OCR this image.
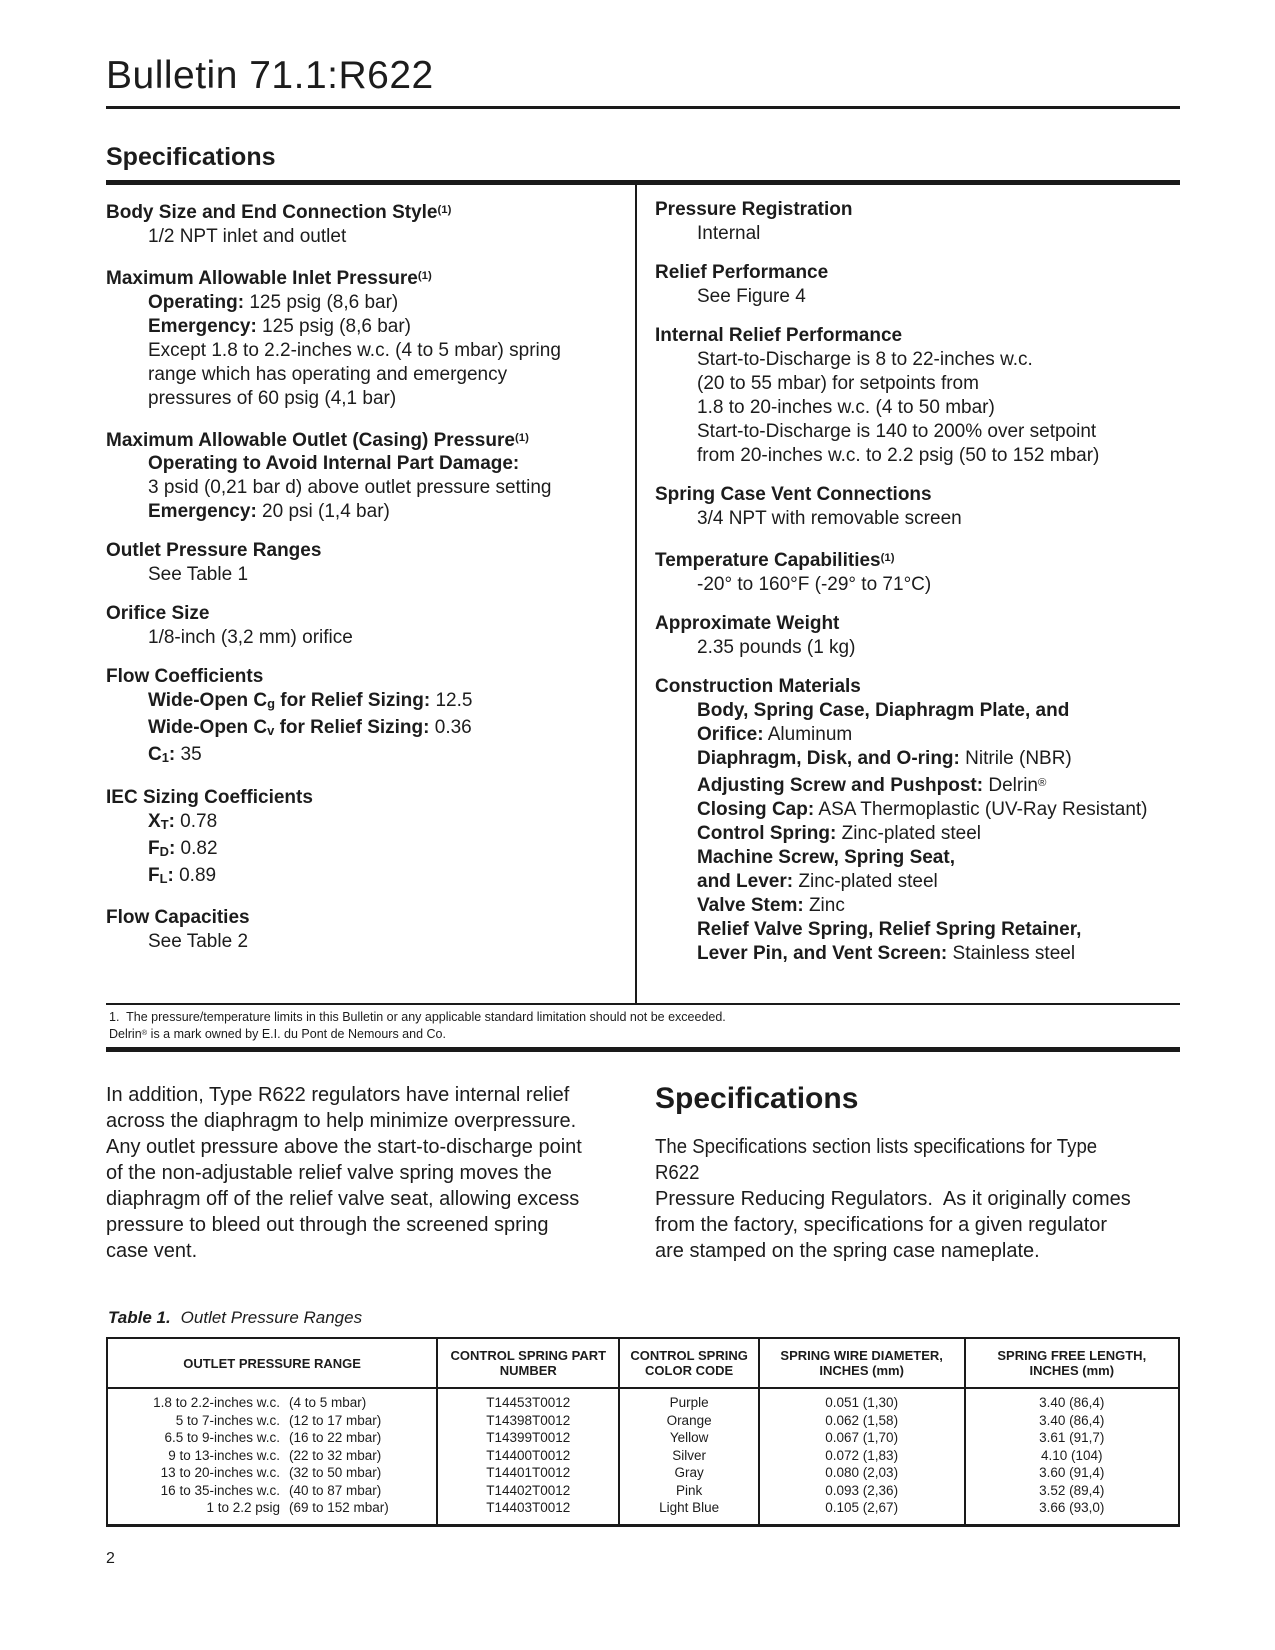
Bulletin 71.1:R622
Specifications
Body Size and End Connection Style$^{(1)}$
1/2 NPT inlet and outlet
Maximum Allowable Inlet Pressure$^{(1)}$
Operating: 125 psig (8,6 bar)
Emergency: 125 psig (8,6 bar)
Except 1.8 to 2.2-inches w.c. (4 to 5 mbar) spring
range which has operating and emergency
pressures of 60 psig (4,1 bar)
Maximum Allowable Outlet (Casing) Pressure$^{(1)}$
Operating to Avoid Internal Part Damage:
3 psid (0,21 bar d) above outlet pressure setting
Emergency: 20 psi (1,4 bar)
Outlet Pressure Ranges
See Table 1
Orifice Size
1/8-inch (3,2 mm) orifice
Flow Coefficients
Wide-Open Cg for Relief Sizing: 12.5
Wide-Open Cv for Relief Sizing: 0.36
C1: 35
IEC Sizing Coefficients
XT: 0.78
FD: 0.82
FL: 0.89
Flow Capacities
See Table 2
Pressure Registration
Internal
Relief Performance
See Figure 4
Internal Relief Performance
Start-to-Discharge is 8 to 22-inches w.c.
(20 to 55 mbar) for setpoints from
1.8 to 20-inches w.c. (4 to 50 mbar)
Start-to-Discharge is 140 to 200% over setpoint
from 20-inches w.c. to 2.2 psig (50 to 152 mbar)
Spring Case Vent Connections
3/4 NPT with removable screen
Temperature Capabilities$^{(1)}$
-20° to 160°F (-29° to 71°C)
Approximate Weight
2.35 pounds (1 kg)
Construction Materials
Body, Spring Case, Diaphragm Plate, and
Orifice: Aluminum
Diaphragm, Disk, and O-ring: Nitrile (NBR)
Adjusting Screw and Pushpost: Delrin®
Closing Cap: ASA Thermoplastic (UV-Ray Resistant)
Control Spring: Zinc-plated steel
Machine Screw, Spring Seat,
and Lever: Zinc-plated steel
Valve Stem: Zinc
Relief Valve Spring, Relief Spring Retainer,
Lever Pin, and Vent Screen: Stainless steel
1.  The pressure/temperature limits in this Bulletin or any applicable standard limitation should not be exceeded.
Delrin® is a mark owned by E.I. du Pont de Nemours and Co.
In addition, Type R622 regulators have internal relief
across the diaphragm to help minimize overpressure.
Any outlet pressure above the start-to-discharge point
of the non-adjustable relief valve spring moves the
diaphragm off of the relief valve seat, allowing excess
pressure to bleed out through the screened spring
case vent.
Specifications
The Specifications section lists specifications for Type R622
Pressure Reducing Regulators.  As it originally comes
from the factory, specifications for a given regulator
are stamped on the spring case nameplate.
Table 1. Outlet Pressure Ranges
OUTLET PRESSURE RANGE	CONTROL SPRING PART NUMBER	CONTROL SPRING COLOR CODE	SPRING WIRE DIAMETER, INCHES (mm)	SPRING FREE LENGTH, INCHES (mm)

1.8 to 2.2-inches w.c. (4 to 5 mbar)	T14453T0012	Purple	0.051 (1,30)	3.40 (86,4)

5 to 7-inches w.c. (12 to 17 mbar)	T14398T0012	Orange	0.062 (1,58)	3.40 (86,4)

6.5 to 9-inches w.c. (16 to 22 mbar)	T14399T0012	Yellow	0.067 (1,70)	3.61 (91,7)

9 to 13-inches w.c. (22 to 32 mbar)	T14400T0012	Silver	0.072 (1,83)	4.10 (104)

13 to 20-inches w.c. (32 to 50 mbar)	T14401T0012	Gray	0.080 (2,03)	3.60 (91,4)

16 to 35-inches w.c. (40 to 87 mbar)	T14402T0012	Pink	0.093 (2,36)	3.52 (89,4)

1 to 2.2 psig (69 to 152 mbar)	T14403T0012	Light Blue	0.105 (2,67)	3.66 (93,0)
2
